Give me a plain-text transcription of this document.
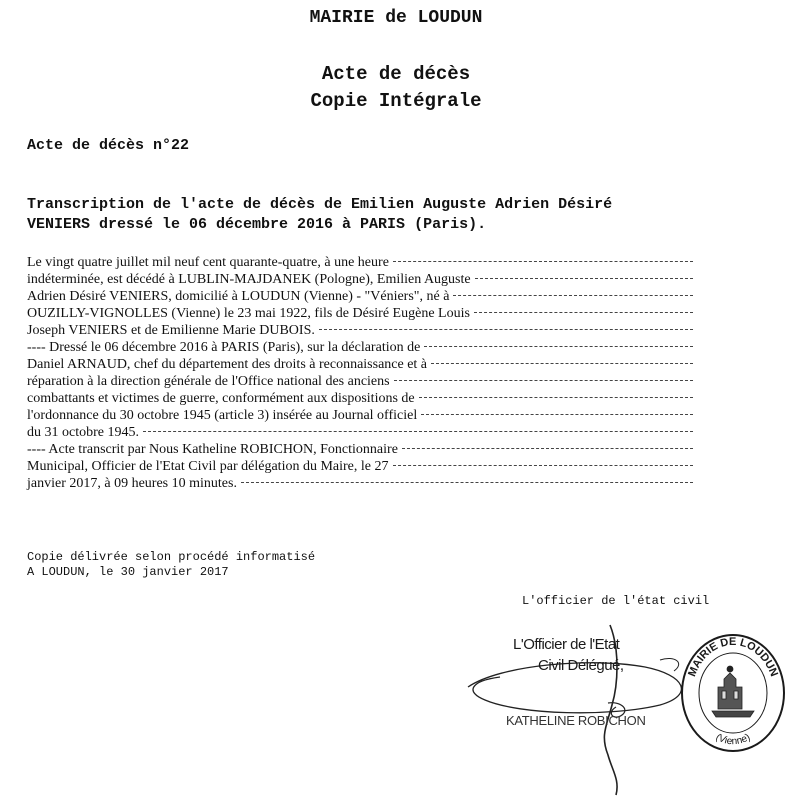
MAIRIE de LOUDUN
Acte de décès
Copie Intégrale
Acte de décès n°22
Transcription de l'acte de décès de Emilien Auguste Adrien Désiré
VENIERS dressé le 06 décembre 2016 à PARIS (Paris).
Le vingt quatre juillet mil neuf cent quarante-quatre, à une heure
indéterminée, est décédé à LUBLIN-MAJDANEK (Pologne), Emilien Auguste
Adrien Désiré VENIERS, domicilié à LOUDUN (Vienne) - "Véniers", né à
OUZILLY-VIGNOLLES (Vienne) le 23 mai 1922, fils de Désiré Eugène Louis
Joseph VENIERS et de Emilienne Marie DUBOIS.
---- Dressé le 06 décembre 2016 à PARIS (Paris), sur la déclaration de
Daniel ARNAUD, chef du département des droits à reconnaissance et à
réparation à la direction générale de l'Office national des anciens
combattants et victimes de guerre, conformément aux dispositions de
l'ordonnance du 30 octobre 1945 (article 3) insérée au Journal officiel
du 31 octobre 1945.
---- Acte transcrit par Nous Katheline ROBICHON, Fonctionnaire
Municipal, Officier de l'Etat Civil par délégation du Maire, le 27
janvier 2017, à 09 heures 10 minutes.
Copie délivrée selon procédé informatisé
A LOUDUN, le 30 janvier 2017
L'officier de l'état civil
L'Officier de l'Etat
Civil Délégué,
KATHELINE ROBICHON
MAIRIE DE LOUDUN
(Vienne)
